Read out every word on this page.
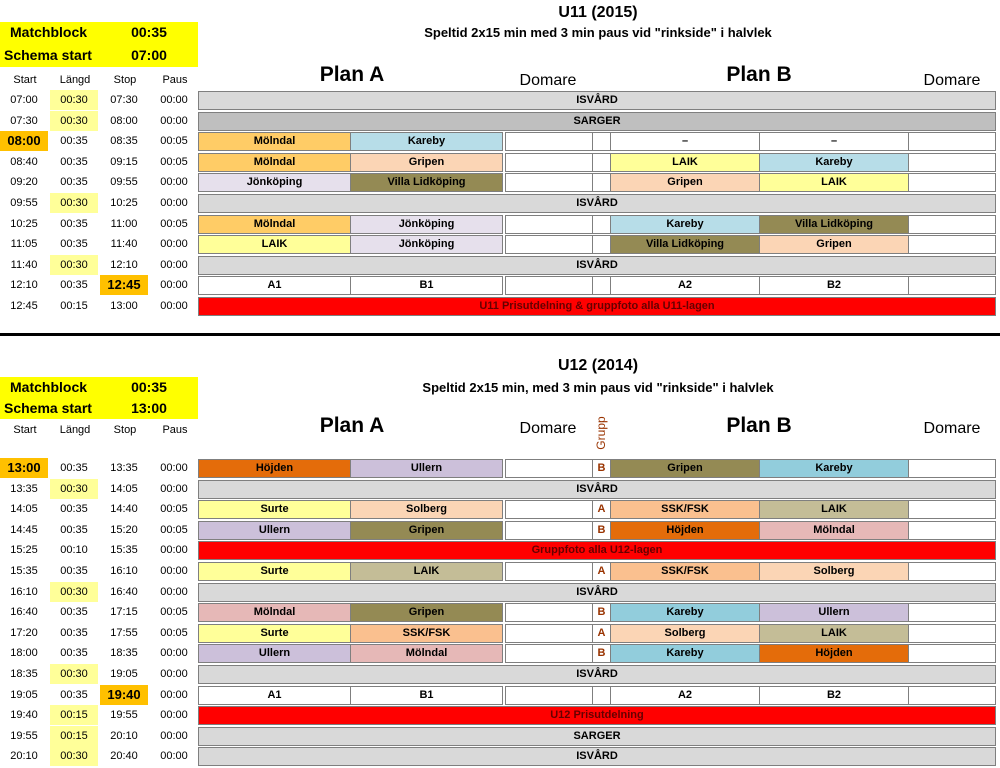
U11 (2015)
Speltid 2x15 min med 3 min paus vid "rinkside" i halvlek
Matchblock	00:35
Schema start	07:00
Plan A	Domare	Plan B	Domare
Start	Längd	Stop	Paus
07:00	00:30	07:30	00:00	ISVÅRD
07:30	00:30	08:00	00:00	SARGER
08:00	00:35	08:35	00:05	Mölndal	Kareby	–	–
08:40	00:35	09:15	00:05	Mölndal	Gripen	LAIK	Kareby
09:20	00:35	09:55	00:00	Jönköping	Villa Lidköping	Gripen	LAIK
09:55	00:30	10:25	00:00	ISVÅRD
10:25	00:35	11:00	00:05	Mölndal	Jönköping	Kareby	Villa Lidköping
11:05	00:35	11:40	00:00	LAIK	Jönköping	Villa Lidköping	Gripen
11:40	00:30	12:10	00:00	ISVÅRD
12:10	00:35	12:45	00:00	A1	B1	A2	B2
12:45	00:15	13:00	00:00	U11 Prisutdelning & gruppfoto alla U11-lagen
U12 (2014)
Speltid 2x15 min, med 3 min paus vid "rinkside" i halvlek
Matchblock	00:35
Schema start	13:00
Plan A	Domare	Grupp	Plan B	Domare
Start	Längd	Stop	Paus
13:00	00:35	13:35	00:00	Höjden	Ullern	B	Gripen	Kareby
13:35	00:30	14:05	00:00	ISVÅRD
14:05	00:35	14:40	00:05	Surte	Solberg	A	SSK/FSK	LAIK
14:45	00:35	15:20	00:05	Ullern	Gripen	B	Höjden	Mölndal
15:25	00:10	15:35	00:00	Gruppfoto alla U12-lagen
15:35	00:35	16:10	00:00	Surte	LAIK	A	SSK/FSK	Solberg
16:10	00:30	16:40	00:00	ISVÅRD
16:40	00:35	17:15	00:05	Mölndal	Gripen	B	Kareby	Ullern
17:20	00:35	17:55	00:05	Surte	SSK/FSK	A	Solberg	LAIK
18:00	00:35	18:35	00:00	Ullern	Mölndal	B	Kareby	Höjden
18:35	00:30	19:05	00:00	ISVÅRD
19:05	00:35	19:40	00:00	A1	B1	A2	B2
19:40	00:15	19:55	00:00	U12 Prisutdelning
19:55	00:15	20:10	00:00	SARGER
20:10	00:30	20:40	00:00	ISVÅRD
